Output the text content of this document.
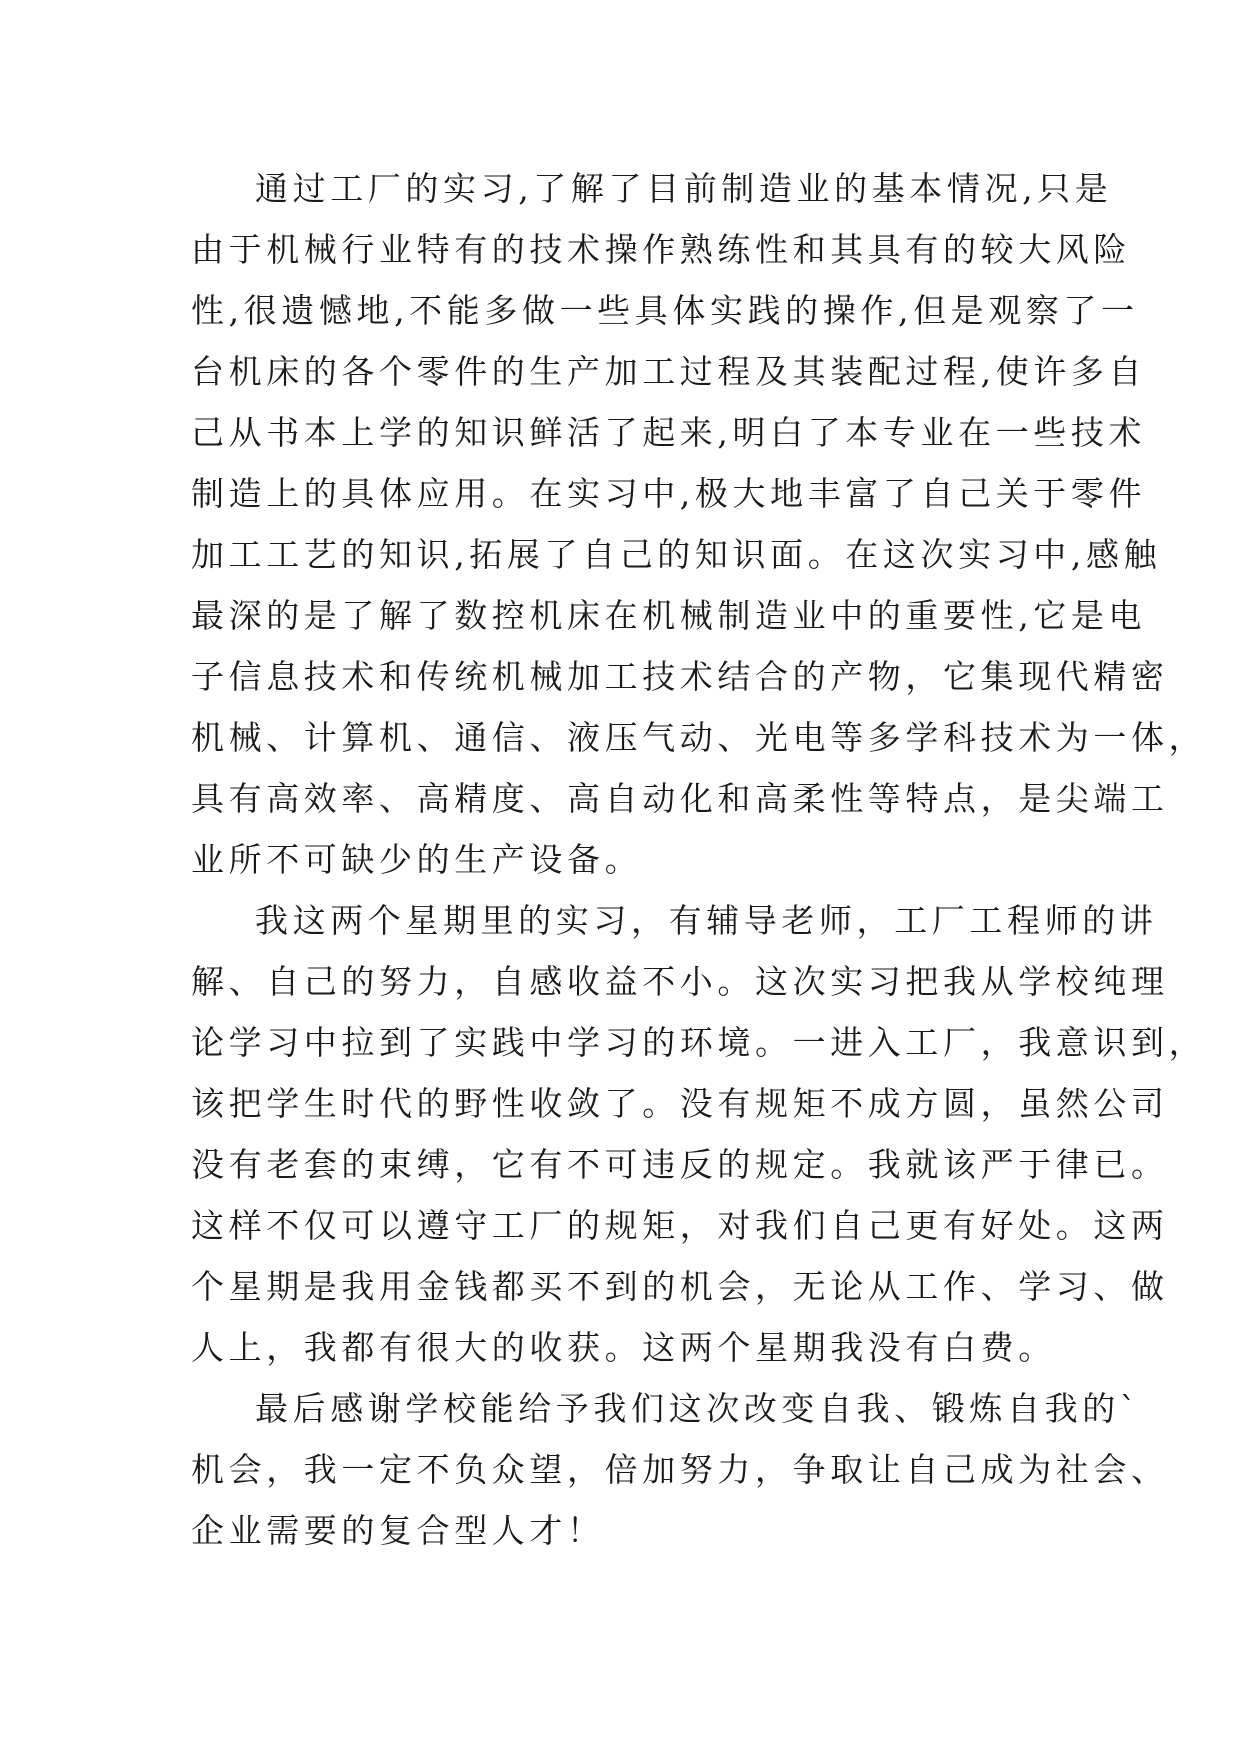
通过工厂的实习,了解了目前制造业的基本情况,只是
由于机械行业特有的技术操作熟练性和其具有的较大风险
性,很遗憾地,不能多做一些具体实践的操作,但是观察了一
台机床的各个零件的生产加工过程及其装配过程,使许多自
己从书本上学的知识鲜活了起来,明白了本专业在一些技术
制造上的具体应用。在实习中,极大地丰富了自己关于零件
加工工艺的知识,拓展了自己的知识面。在这次实习中,感触
最深的是了解了数控机床在机械制造业中的重要性,它是电
子信息技术和传统机械加工技术结合的产物，它集现代精密
机械、计算机、通信、液压气动、光电等多学科技术为一体，
具有高效率、高精度、高自动化和高柔性等特点，是尖端工
业所不可缺少的生产设备。
我这两个星期里的实习，有辅导老师，工厂工程师的讲
解、自己的努力，自感收益不小。这次实习把我从学校纯理
论学习中拉到了实践中学习的环境。一进入工厂，我意识到，
该把学生时代的野性收敛了。没有规矩不成方圆，虽然公司
没有老套的束缚，它有不可违反的规定。我就该严于律已。
这样不仅可以遵守工厂的规矩，对我们自己更有好处。这两
个星期是我用金钱都买不到的机会，无论从工作、学习、做
人上，我都有很大的收获。这两个星期我没有白费。
最后感谢学校能给予我们这次改变自我、锻炼自我的`
机会，我一定不负众望，倍加努力，争取让自己成为社会、
企业需要的复合型人才！
